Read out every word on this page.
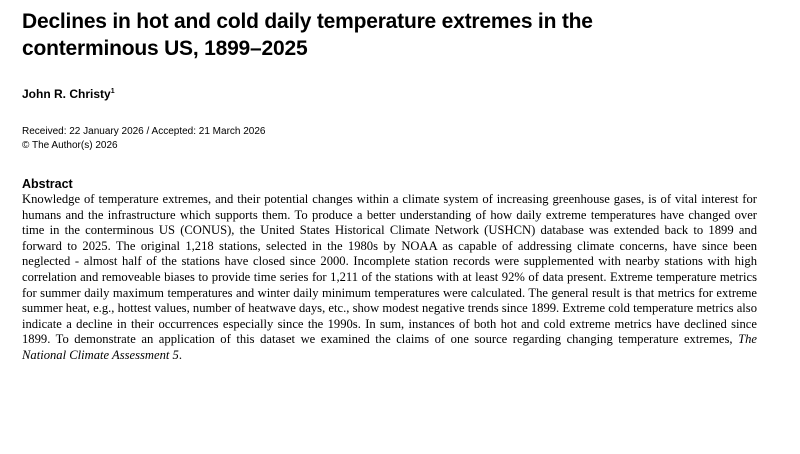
Declines in hot and cold daily temperature extremes in the
conterminous US, 1899–2025
John R. Christy$^1$
Received: 22 January 2026 / Accepted: 21 March 2026
© The Author(s) 2026
Abstract
Knowledge of temperature extremes, and their potential changes within a climate system of increasing greenhouse gases, is of vital interest for humans and the infrastructure which supports them. To produce a better understanding of how daily extreme temperatures have changed over time in the conterminous US (CONUS), the United States Historical Climate Network (USHCN) database was extended back to 1899 and forward to 2025. The original 1,218 stations, selected in the 1980s by NOAA as capable of addressing climate concerns, have since been neglected - almost half of the stations have closed since 2000. Incomplete station records were supplemented with nearby stations with high correlation and removeable biases to provide time series for 1,211 of the stations with at least 92% of data present. Extreme temperature metrics for summer daily maximum temperatures and winter daily minimum temperatures were calculated. The general result is that metrics for extreme summer heat, e.g., hottest values, number of heatwave days, etc., show modest negative trends since 1899. Extreme cold temperature metrics also indicate a decline in their occurrences especially since the 1990s. In sum, instances of both hot and cold extreme metrics have declined since 1899. To demonstrate an application of this dataset we examined the claims of one source regarding changing temperature extremes, The National Climate Assessment 5.
